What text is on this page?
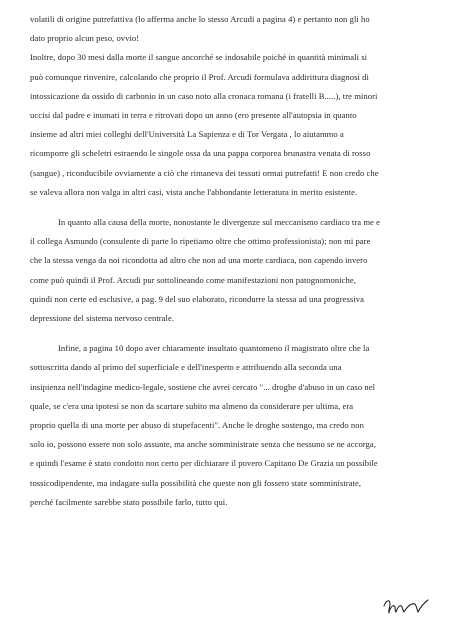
volatili di origine putrefattiva (lo afferma anche lo stesso Arcudi a pagina 4) e pertanto non gli ho
dato proprio alcun peso, ovvio!

Inoltre, dopo 30 mesi dalla morte il sangue ancorché se indosabile poiché in quantità minimali si
può comunque rinvenire, calcolando che proprio il Prof. Arcudi formulava addirittura diagnosi di
intossicazione da ossido di carbonio in un caso noto alla cronaca romana (i fratelli B.....), tre minori
uccisi dal padre e inumati in terra e ritrovati dopo un anno (ero presente all'autopsia in quanto
insieme ad altri miei colleghi dell'Università La Sapienza e di Tor Vergata , lo aiutammo a
ricomporre gli scheletri estraendo le singole ossa da una pappa corporea brunastra venata di rosso
(sangue) , riconducibile ovviamente a ciò che rimaneva dei tessuti ormai putrefatti! E non credo che
se valeva allora non valga in altri casi, vista anche l'abbondante letteratura in merito esistente.

In quanto alla causa della morte, nonostante le divergenze sul meccanismo cardiaco tra me e
il collega Asmundo (consulente di parte lo ripetiamo oltre che ottimo professionista); non mi pare
che la stessa venga da noi ricondotta ad altro che non ad una morte cardiaca, non capendo invero
come può quindi il Prof. Arcudi pur sottolineando come manifestazioni non patognomoniche,
quindi non certe ed esclusive, a pag. 9 del suo elaborato, ricondurre la stessa ad una progressiva
depressione del sistema nervoso centrale.

Infine, a pagina 10 dopo aver chiaramente insultato quantomeno il magistrato oltre che la
sottoscritta dando al primo del superficiale e dell'inesperto e attribuendo alla seconda una
insipienza nell'indagine medico-legale, sostiene che avrei cercato "... droghe d'abuso in un caso nel
quale, se c'era una ipotesi se non da scartare subito ma almeno da considerare per ultima, era
proprio quella di una morte per abuso di stupefacenti". Anche le droghe sostengo, ma credo non
solo io, possono essere non solo assunte, ma anche somministrate senza che nessuno se ne accorga,
e quindi l'esame è stato condotto non certo per dichiarare il povero Capitano De Grazia un possibile
tossicodipendente, ma indagare sulla possibilità che queste non gli fossero state somministrate,
perché facilmente sarebbe stato possibile farlo, tutto qui.
